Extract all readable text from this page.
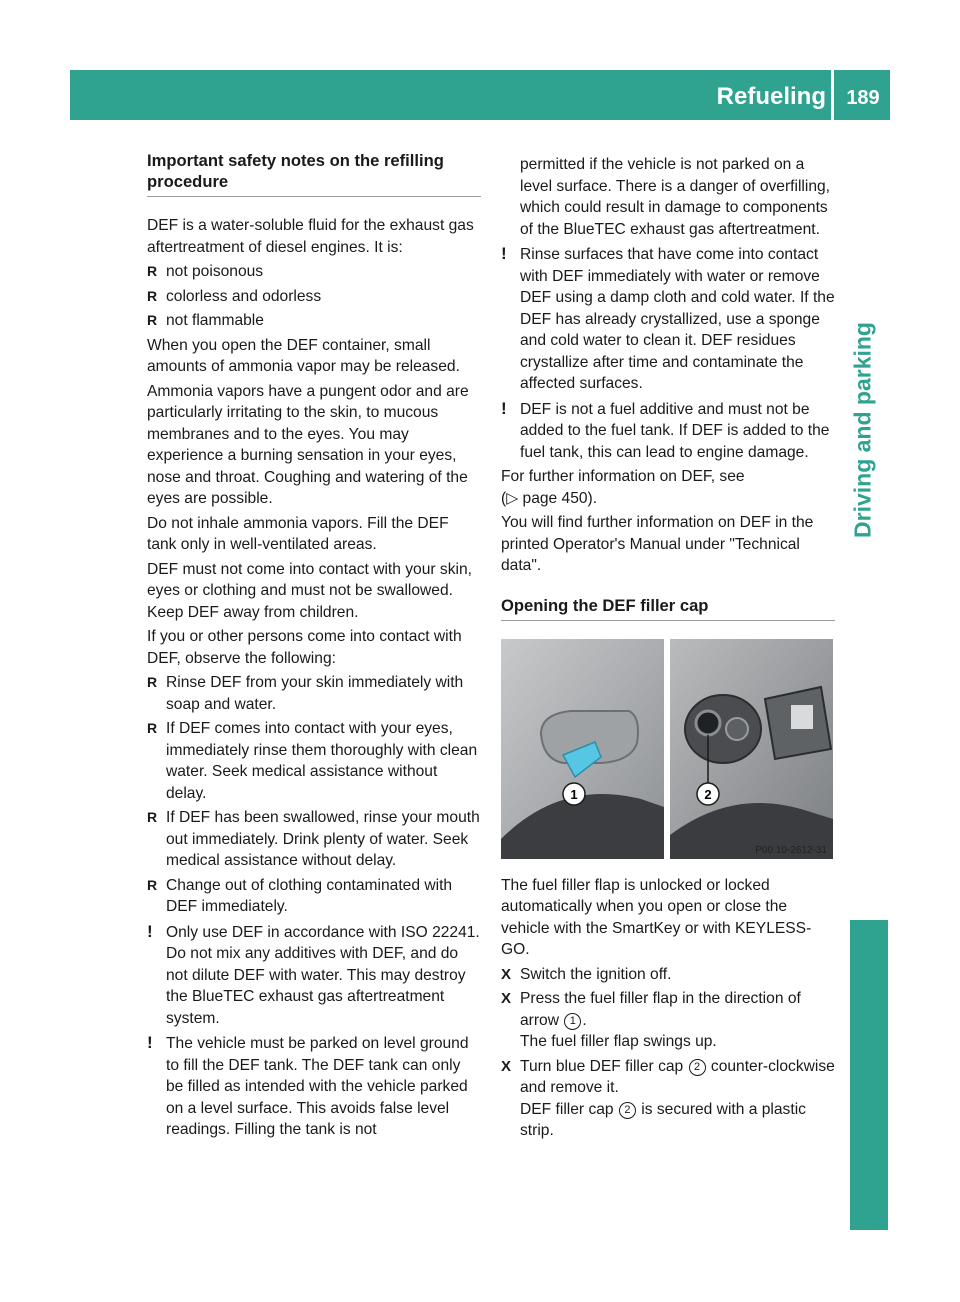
Refueling	189
Driving and parking
Important safety notes on the refilling procedure

DEF is a water-soluble fluid for the exhaust gas aftertreatment of diesel engines. It is:

R not poisonous
R colorless and odorless
R not flammable

When you open the DEF container, small amounts of ammonia vapor may be released.

Ammonia vapors have a pungent odor and are particularly irritating to the skin, to mucous membranes and to the eyes. You may experience a burning sensation in your eyes, nose and throat. Coughing and watering of the eyes are possible.

Do not inhale ammonia vapors. Fill the DEF tank only in well-ventilated areas.

DEF must not come into contact with your skin, eyes or clothing and must not be swallowed. Keep DEF away from children.

If you or other persons come into contact with DEF, observe the following:

R Rinse DEF from your skin immediately with soap and water.
R If DEF comes into contact with your eyes, immediately rinse them thoroughly with clean water. Seek medical assistance without delay.
R If DEF has been swallowed, rinse your mouth out immediately. Drink plenty of water. Seek medical assistance without delay.
R Change out of clothing contaminated with DEF immediately.
! Only use DEF in accordance with ISO 22241. Do not mix any additives with DEF, and do not dilute DEF with water. This may destroy the BlueTEC exhaust gas aftertreatment system.
! The vehicle must be parked on level ground to fill the DEF tank. The DEF tank can only be filled as intended with the vehicle parked on a level surface. This avoids false level readings. Filling the tank is not

permitted if the vehicle is not parked on a level surface. There is a danger of overfilling, which could result in damage to components of the BlueTEC exhaust gas aftertreatment.

! Rinse surfaces that have come into contact with DEF immediately with water or remove DEF using a damp cloth and cold water. If the DEF has already crystallized, use a sponge and cold water to clean it. DEF residues crystallize after time and contaminate the affected surfaces.
! DEF is not a fuel additive and must not be added to the fuel tank. If DEF is added to the fuel tank, this can lead to engine damage.

For further information on DEF, see
(▷ page 450).

You will find further information on DEF in the printed Operator's Manual under "Technical data".

Opening the DEF filler cap
1	2
P00.10-2612-31

The fuel filler flap is unlocked or locked automatically when you open or close the vehicle with the SmartKey or with KEYLESS-GO.

X Switch the ignition off.
X Press the fuel filler flap in the direction of arrow 1 .
The fuel filler flap swings up.
X Turn blue DEF filler cap 2 counter-clockwise and remove it.
DEF filler cap 2 is secured with a plastic strip.
